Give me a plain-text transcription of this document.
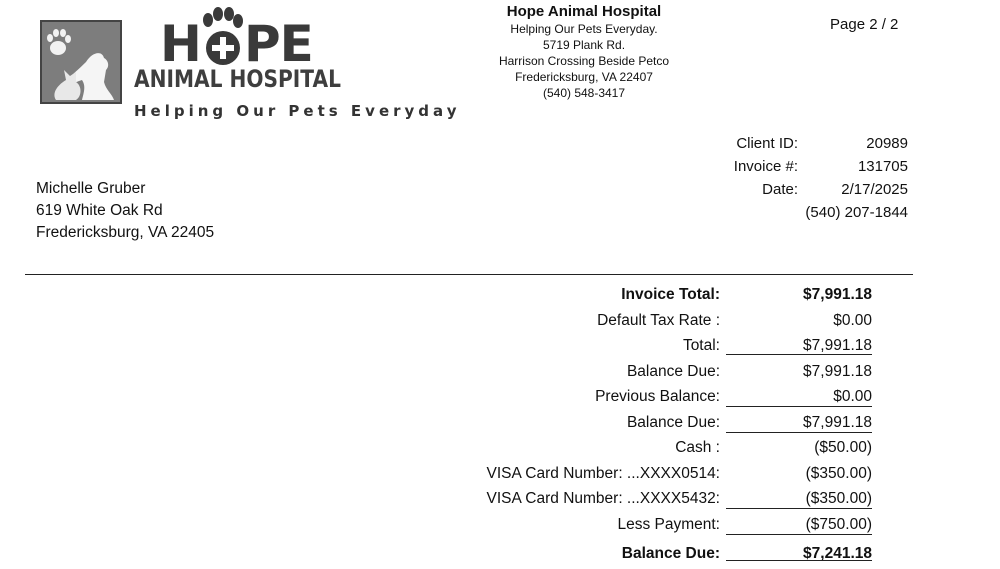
H PE
ANIMAL HOSPITAL
Helping Our Pets Everyday
Hope Animal Hospital
Helping Our Pets Everyday.
5719 Plank Rd.
Harrison Crossing Beside Petco
Fredericksburg, VA 22407
(540) 548-3417
Page 2 / 2
Client ID:	20989
Invoice #:	131705
Date:	2/17/2025
(540) 207-1844
Michelle Gruber
619 White Oak Rd
Fredericksburg, VA 22405
Invoice Total:	$7,991.18
Default Tax Rate :	$0.00
Total:	$7,991.18
Balance Due:	$7,991.18
Previous Balance:	$0.00
Balance Due:	$7,991.18
Cash :	($50.00)
VISA Card Number: ...XXXX0514:	($350.00)
VISA Card Number: ...XXXX5432:	($350.00)
Less Payment:	($750.00)
Balance Due:	$7,241.18
